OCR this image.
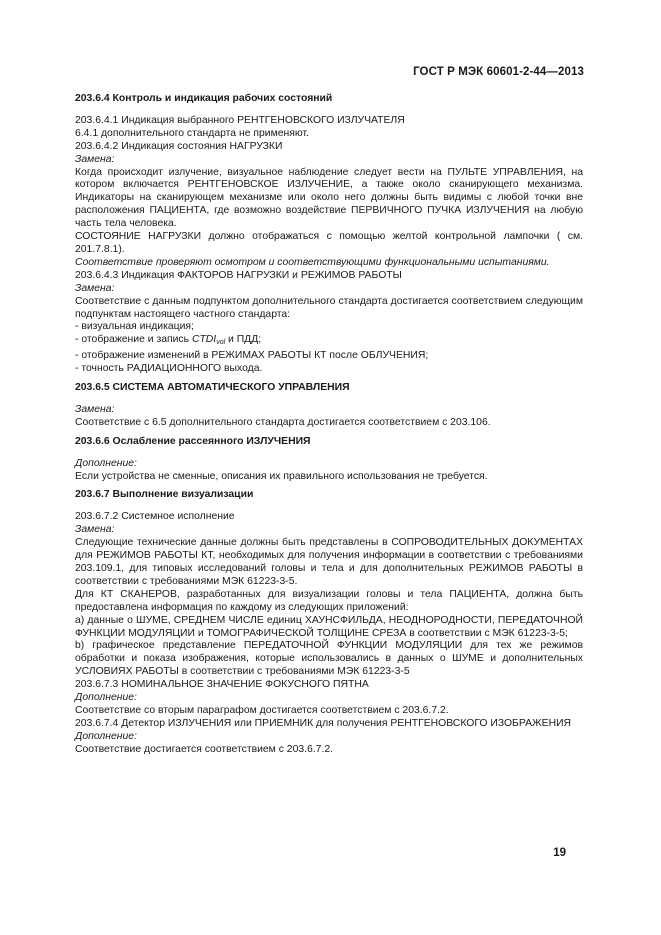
ГОСТ Р МЭК 60601-2-44—2013

203.6.4 Контроль и индикация рабочих состояний

203.6.4.1 Индикация выбранного РЕНТГЕНОВСКОГО ИЗЛУЧАТЕЛЯ

6.4.1 дополнительного стандарта не применяют.

203.6.4.2 Индикация состояния НАГРУЗКИ

Замена:

Когда происходит излучение, визуальное наблюдение следует вести на ПУЛЬТЕ УПРАВЛЕНИЯ, на котором включается РЕНТГЕНОВСКОЕ ИЗЛУЧЕНИЕ, а также около сканирующего механизма. Индикаторы на сканирующем механизме или около него должны быть видимы с любой точки вне расположения ПАЦИЕНТА, где возможно воздействие ПЕРВИЧНОГО ПУЧКА ИЗЛУЧЕНИЯ на любую часть тела человека.

СОСТОЯНИЕ НАГРУЗКИ должно отображаться с помощью желтой контрольной лампочки ( см. 201.7.8.1).

Соответствие проверяют осмотром и соответствующими функциональными испытаниями.

203.6.4.3 Индикация ФАКТОРОВ НАГРУЗКИ и РЕЖИМОВ РАБОТЫ

Замена:

Соответствие с данным подпунктом дополнительного стандарта достигается соответствием следующим подпунктам настоящего частного стандарта:

- визуальная индикация;

- отображение и запись $CTDI_{vol}$ и ПДД;

- отображение изменений в РЕЖИМАХ РАБОТЫ КТ после ОБЛУЧЕНИЯ;

- точность РАДИАЦИОННОГО выхода.

203.6.5 СИСТЕМА АВТОМАТИЧЕСКОГО УПРАВЛЕНИЯ

Замена:

Соответствие с 6.5 дополнительного стандарта достигается соответствием с 203.106.

203.6.6 Ослабление рассеянного ИЗЛУЧЕНИЯ

Дополнение:

Если устройства не сменные, описания их правильного использования не требуется.

203.6.7 Выполнение визуализации

203.6.7.2 Системное исполнение

Замена:

Следующие технические данные должны быть представлены в СОПРОВОДИТЕЛЬНЫХ ДОКУМЕНТАХ для РЕЖИМОВ РАБОТЫ КТ, необходимых для получения информации в соответствии с требованиями 203.109.1, для типовых исследований головы и тела и для дополнительных РЕЖИМОВ РАБОТЫ в соответствии с требованиями МЭК 61223-3-5.

Для КТ СКАНЕРОВ, разработанных для визуализации головы и тела ПАЦИЕНТА, должна быть предоставлена информация по каждому из следующих приложений:

а) данные о ШУМЕ, СРЕДНЕМ ЧИСЛЕ единиц ХАУНСФИЛЬДА, НЕОДНОРОДНОСТИ, ПЕРЕДАТОЧНОЙ ФУНКЦИИ МОДУЛЯЦИИ и ТОМОГРАФИЧЕСКОЙ ТОЛЩИНЕ СРЕЗА в соответствии с МЭК 61223-3-5;

b) графическое представление ПЕРЕДАТОЧНОЙ ФУНКЦИИ МОДУЛЯЦИИ для тех же режимов обработки и показа изображения, которые использовались в данных о ШУМЕ и дополнительных УСЛОВИЯХ РАБОТЫ в соответствии с требованиями МЭК 61223-3-5

203.6.7.3 НОМИНАЛЬНОЕ ЗНАЧЕНИЕ ФОКУСНОГО ПЯТНА

Дополнение:

Соответствие со вторым параграфом достигается соответствием с 203.6.7.2.

203.6.7.4 Детектор ИЗЛУЧЕНИЯ или ПРИЕМНИК для получения РЕНТГЕНОВСКОГО ИЗОБРАЖЕНИЯ

Дополнение:

Соответствие достигается соответствием с 203.6.7.2.

19
